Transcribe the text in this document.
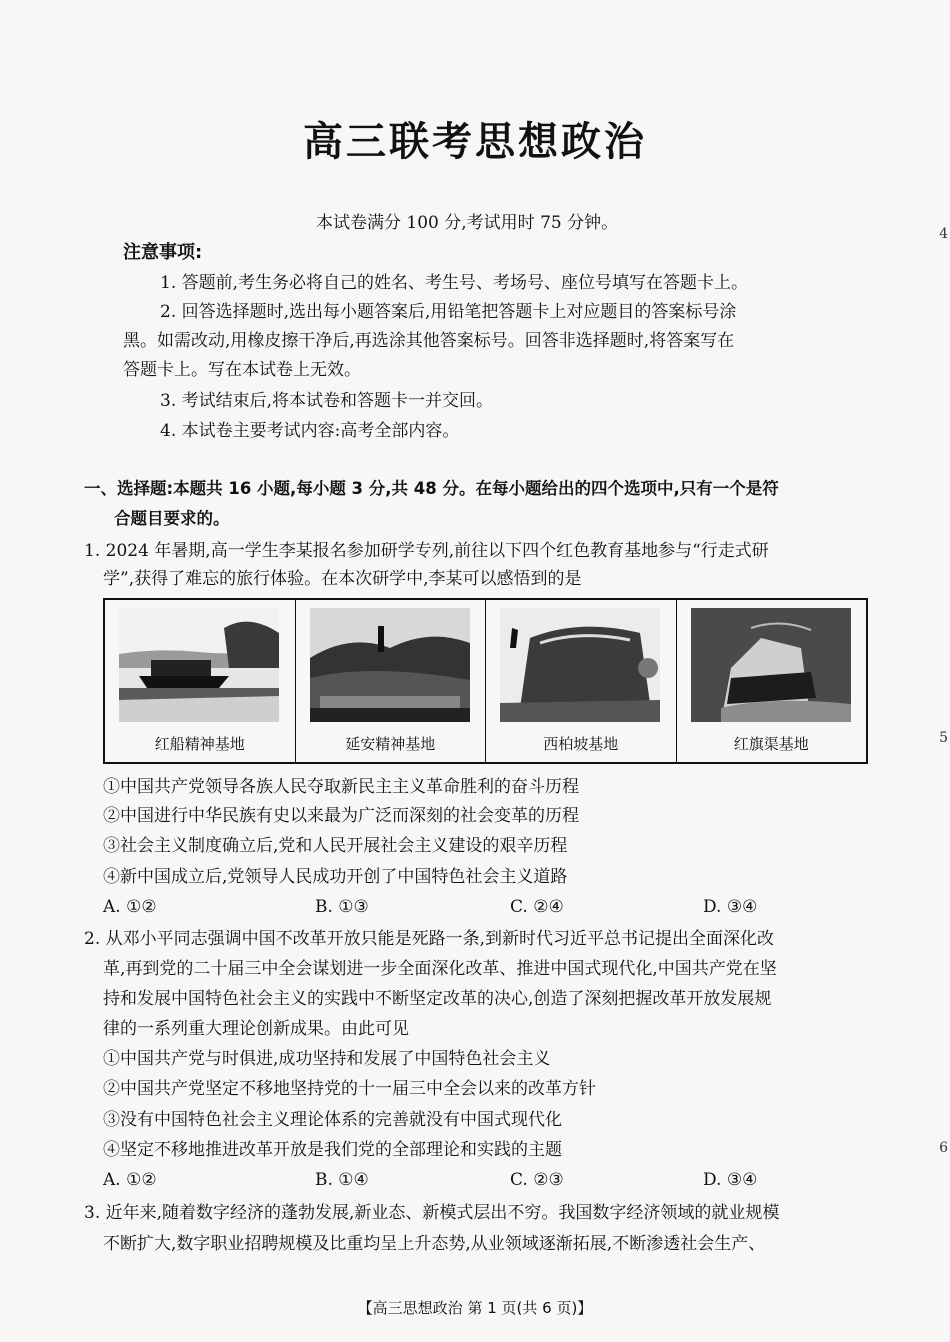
高三联考思想政治
本试卷满分 100 分,考试用时 75 分钟。
注意事项:
1. 答题前,考生务必将自己的姓名、考生号、考场号、座位号填写在答题卡上。
2. 回答选择题时,选出每小题答案后,用铅笔把答题卡上对应题目的答案标号涂
黑。如需改动,用橡皮擦干净后,再选涂其他答案标号。回答非选择题时,将答案写在
答题卡上。写在本试卷上无效。
3. 考试结束后,将本试卷和答题卡一并交回。
4. 本试卷主要考试内容:高考全部内容。
一、选择题:本题共 16 小题,每小题 3 分,共 48 分。在每小题给出的四个选项中,只有一个是符
合题目要求的。
1. 2024 年暑期,高一学生李某报名参加研学专列,前往以下四个红色教育基地参与“行走式研
学”,获得了难忘的旅行体验。在本次研学中,李某可以感悟到的是
红船精神基地	延安精神基地	西柏坡基地	红旗渠基地
①中国共产党领导各族人民夺取新民主主义革命胜利的奋斗历程
②中国进行中华民族有史以来最为广泛而深刻的社会变革的历程
③社会主义制度确立后,党和人民开展社会主义建设的艰辛历程
④新中国成立后,党领导人民成功开创了中国特色社会主义道路
A. ①②	B. ①③	C. ②④	D. ③④
2. 从邓小平同志强调中国不改革开放只能是死路一条,到新时代习近平总书记提出全面深化改
革,再到党的二十届三中全会谋划进一步全面深化改革、推进中国式现代化,中国共产党在坚
持和发展中国特色社会主义的实践中不断坚定改革的决心,创造了深刻把握改革开放发展规
律的一系列重大理论创新成果。由此可见
①中国共产党与时俱进,成功坚持和发展了中国特色社会主义
②中国共产党坚定不移地坚持党的十一届三中全会以来的改革方针
③没有中国特色社会主义理论体系的完善就没有中国式现代化
④坚定不移地推进改革开放是我们党的全部理论和实践的主题
A. ①②	B. ①④	C. ②③	D. ③④
3. 近年来,随着数字经济的蓬勃发展,新业态、新模式层出不穷。我国数字经济领域的就业规模
不断扩大,数字职业招聘规模及比重均呈上升态势,从业领域逐渐拓展,不断渗透社会生产、
【高三思想政治 第 1 页(共 6 页)】
4
5
6
